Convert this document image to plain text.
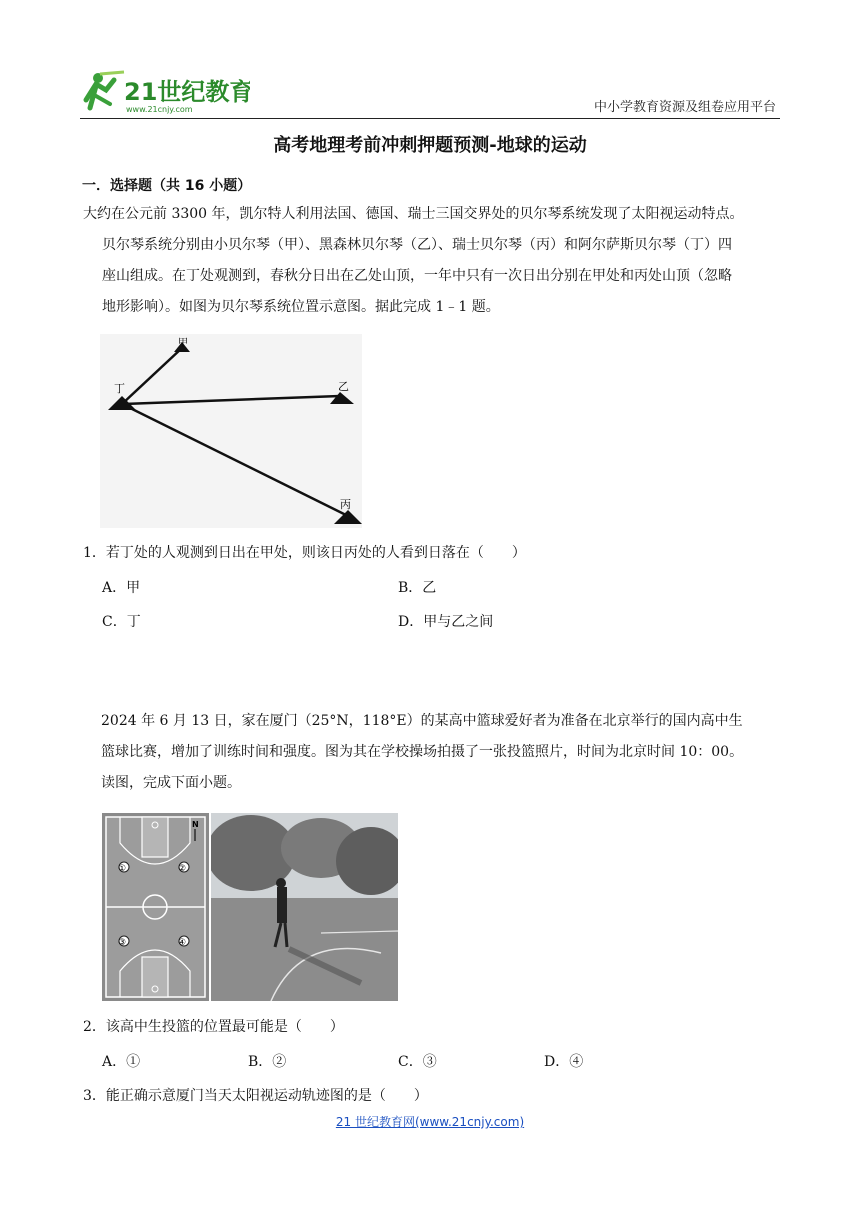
21世纪教育
www.21cnjy.com	中小学教育资源及组卷应用平台
高考地理考前冲刺押题预测-地球的运动
一．选择题（共 16 小题）
大约在公元前 3300 年，凯尔特人利用法国、德国、瑞士三国交界处的贝尔琴系统发现了太阳视运动特点。
贝尔琴系统分别由小贝尔琴（甲）、黑森林贝尔琴（乙）、瑞士贝尔琴（丙）和阿尔萨斯贝尔琴（丁）四
座山组成。在丁处观测到，春秋分日出在乙处山顶，一年中只有一次日出分别在甲处和丙处山顶（忽略
地形影响）。如图为贝尔琴系统位置示意图。据此完成 1﹣1 题。
甲
乙
丙
丁
1．若丁处的人观测到日出在甲处，则该日丙处的人看到日落在（　　）
A．甲	B．乙
C．丁	D．甲与乙之间
2024 年 6 月 13 日，家在厦门（25°N，118°E）的某高中篮球爱好者为准备在北京举行的国内高中生
篮球比赛，增加了训练时间和强度。图为其在学校操场拍摄了一张投篮照片，时间为北京时间 10：00。
读图，完成下面小题。
①	②
③	④
N
2．该高中生投篮的位置最可能是（　　）
A．①	B．②	C．③	D．④
3．能正确示意厦门当天太阳视运动轨迹图的是（　　）
21 世纪教育网(www.21cnjy.com)
